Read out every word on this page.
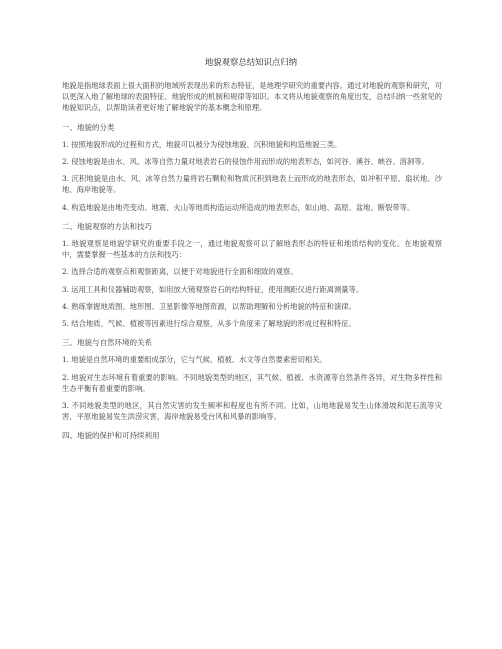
地貌观察总结知识点归纳

地貌是指地球表面上很大面积的地域所表现出来的形态特征，是地理学研究的重要内容。通过对地貌的观察和研究，可以更深入地了解地球的表面特征、地貌形成的机制和规律等知识。本文将从地貌观察的角度出发，总结归纳一些常见的地貌知识点，以帮助读者更好地了解地貌学的基本概念和原理。

一、地貌的分类

1. 按照地貌形成的过程和方式，地貌可以被分为侵蚀地貌、沉积地貌和构造地貌三类。

2. 侵蚀地貌是由水、风、冰等自然力量对地表岩石的侵蚀作用而形成的地表形态，如河谷、溪谷、峡谷、溶洞等。

3. 沉积地貌是由水、风、冰等自然力量将岩石颗粒和物质沉积到地表上而形成的地表形态，如冲积平原、扇状地、沙地、海岸地貌等。

4. 构造地貌是由地壳变动、地震、火山等地质构造运动所造成的地表形态，如山地、高原、盆地、断裂带等。

二、地貌观察的方法和技巧

1. 地貌观察是地貌学研究的重要手段之一，通过地貌观察可以了解地表形态的特征和地质结构的变化。在地貌观察中，需要掌握一些基本的方法和技巧：

2. 选择合适的观察点和观察距离，以便于对地貌进行全面和细致的观察。

3. 运用工具和仪器辅助观察，如用放大镜观察岩石的结构特征，使用测距仪进行距离测量等。

4. 熟练掌握地质图、地形图、卫星影像等地图资源，以帮助理解和分析地貌的特征和演律。

5. 结合地质、气候、植被等因素进行综合观察，从多个角度来了解地貌的形成过程和特征。

三、地貌与自然环境的关系

1. 地貌是自然环境的重要组成部分，它与气候、植被、水文等自然要素密切相关。

2. 地貌对生态环境有着重要的影响。不同地貌类型的地区，其气候、植被、水资源等自然条件各异，对生物多样性和生态平衡有着重要的影响。

3. 不同地貌类型的地区，其自然灾害的发生频率和程度也有所不同。比如，山地地貌易发生山体滑坡和泥石流等灾害，平原地貌易发生洪涝灾害，海岸地貌易受台风和风暴的影响等。

四、地貌的保护和可持续利用
